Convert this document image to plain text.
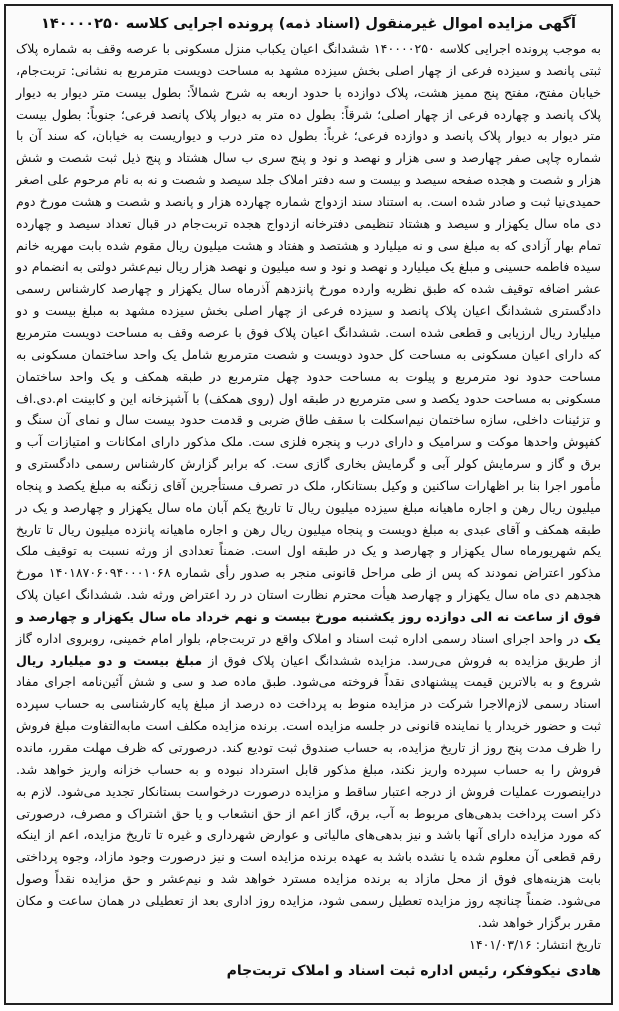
آگهی مزایده اموال غیرمنقول (اسناد ذمه) پرونده اجرایی کلاسه ۱۴۰۰۰۰۲۵۰

به موجب پرونده اجرایی کلاسه ۱۴۰۰۰۰۲۵۰ ششدانگ اعیان یکباب منزل مسکونی با عرصه وقف به شماره پلاک ثبتی پانصد و سیزده فرعی از چهار اصلی بخش سیزده مشهد به مساحت دویست مترمربع به نشانی: تربت‌جام، خیابان مفتح، مفتح پنج ممیز هشت، پلاک دوازده با حدود اربعه به شرح شمالاً: بطول بیست متر دیوار به دیوار پلاک پانصد و چهارده فرعی از چهار اصلی؛ شرقاً: بطول ده متر به دیوار پلاک پانصد فرعی؛ جنوباً: بطول بیست متر دیوار به دیوار پلاک پانصد و دوازده فرعی؛ غرباً: بطول ده متر درب و دیواریست به خیابان، که سند آن با شماره چاپی صفر چهارصد و سی هزار و نهصد و نود و پنج سری ب سال هشتاد و پنج ذیل ثبت شصت و شش هزار و شصت و هجده صفحه سیصد و بیست و سه دفتر املاک جلد سیصد و شصت و نه به نام مرحوم علی اصغر حمیدی‌نیا ثبت و صادر شده است. به استناد سند ازدواج شماره چهارده هزار و پانصد و شصت و هشت مورخ دوم دی ماه سال یکهزار و سیصد و هشتاد تنظیمی دفترخانه ازدواج هجده تربت‌جام در قبال تعداد سیصد و چهارده تمام بهار آزادی که به مبلغ سی و نه میلیارد و هشتصد و هفتاد و هشت میلیون ریال مقوم شده بابت مهریه خانم سیده فاطمه حسینی و مبلغ یک میلیارد و نهصد و نود و سه میلیون و نهصد هزار ریال نیم‌عشر دولتی به انضمام دو عشر اضافه توقیف شده که طبق نظریه وارده مورخ پانزدهم آذرماه سال یکهزار و چهارصد کارشناس رسمی دادگستری ششدانگ اعیان پلاک پانصد و سیزده فرعی از چهار اصلی بخش سیزده مشهد به مبلغ بیست و دو میلیارد ریال ارزیابی و قطعی شده است. ششدانگ اعیان پلاک فوق با عرصه وقف به مساحت دویست مترمربع که دارای اعیان مسکونی به مساحت کل حدود دویست و شصت مترمربع شامل یک واحد ساختمان مسکونی به مساحت حدود نود مترمربع و پیلوت به مساحت حدود چهل مترمربع در طبقه همکف و یک واحد ساختمان مسکونی به مساحت حدود یکصد و سی مترمربع در طبقه اول (روی همکف) با آشپزخانه این و کابینت ام.دی.اف و تزئینات داخلی، سازه ساختمان نیم‌اسکلت با سقف طاق ضربی و قدمت حدود بیست سال و نمای آن سنگ و کفپوش واحدها موکت و سرامیک و دارای درب و پنجره فلزی ست. ملک مذکور دارای امکانات و امتیازات آب و برق و گاز و سرمایش کولر آبی و گرمایش بخاری گازی ست. که برابر گزارش کارشناس رسمی دادگستری و مأمور اجرا بنا بر اظهارات ساکنین و وکیل بستانکار، ملک در تصرف مستأجرین آقای زنگنه به مبلغ یکصد و پنجاه میلیون ریال رهن و اجاره ماهیانه مبلغ سیزده میلیون ریال تا تاریخ یکم آبان ماه سال یکهزار و چهارصد و یک در طبقه همکف و آقای عبدی به مبلغ دویست و پنجاه میلیون ریال رهن و اجاره ماهیانه پانزده میلیون ریال تا تاریخ یکم شهریورماه سال یکهزار و چهارصد و یک در طبقه اول است. ضمناً تعدادی از ورثه نسبت به توقیف ملک مذکور اعتراض نمودند که پس از طی مراحل قانونی منجر به صدور رأی شماره ۱۴۰۱۸۷۰۶۰۹۴۰۰۰۱۰۶۸ مورخ هجدهم دی ماه سال یکهزار و چهارصد هیأت محترم نظارت استان در رد اعتراض ورثه شد. ششدانگ اعیان پلاک فوق از ساعت نه الی دوازده روز یکشنبه مورخ بیست و نهم خرداد ماه سال یکهزار و چهارصد و یک در واحد اجرای اسناد رسمی اداره ثبت اسناد و املاک واقع در تربت‌جام، بلوار امام خمینی، روبروی اداره گاز از طریق مزایده به فروش می‌رسد. مزایده ششدانگ اعیان پلاک فوق از مبلغ بیست و دو میلیارد ریال شروع و به بالاترین قیمت پیشنهادی نقداً فروخته می‌شود. طبق ماده صد و سی و شش آئین‌نامه اجرای مفاد اسناد رسمی لازم‌الاجرا شرکت در مزایده منوط به پرداخت ده درصد از مبلغ پایه کارشناسی به حساب سپرده ثبت و حضور خریدار یا نماینده قانونی در جلسه مزایده است. برنده مزایده مکلف است مابه‌التفاوت مبلغ فروش را ظرف مدت پنج روز از تاریخ مزایده، به حساب صندوق ثبت تودیع کند. درصورتی که ظرف مهلت مقرر، مانده فروش را به حساب سپرده واریز نکند، مبلغ مذکور قابل استرداد نبوده و به حساب خزانه واریز خواهد شد. دراینصورت عملیات فروش از درجه اعتبار ساقط و مزایده درصورت درخواست بستانکار تجدید می‌شود. لازم به ذکر است پرداخت بدهی‌های مربوط به آب، برق، گاز اعم از حق انشعاب و یا حق اشتراک و مصرف، درصورتی که مورد مزایده دارای آنها باشد و نیز بدهی‌های مالیاتی و عوارض شهرداری و غیره تا تاریخ مزایده، اعم از اینکه رقم قطعی آن معلوم شده یا نشده باشد به عهده برنده مزایده است و نیز درصورت وجود مازاد، وجوه پرداختی بابت هزینه‌های فوق از محل مازاد به برنده مزایده مسترد خواهد شد و نیم‌عشر و حق مزایده نقداً وصول می‌شود. ضمناً چنانچه روز مزایده تعطیل رسمی شود، مزایده روز اداری بعد از تعطیلی در همان ساعت و مکان مقرر برگزار خواهد شد.

تاریخ انتشار: ۱۴۰۱/۰۳/۱۶
هادی نیکوفکر، رئیس اداره ثبت اسناد و املاک تربت‌جام
